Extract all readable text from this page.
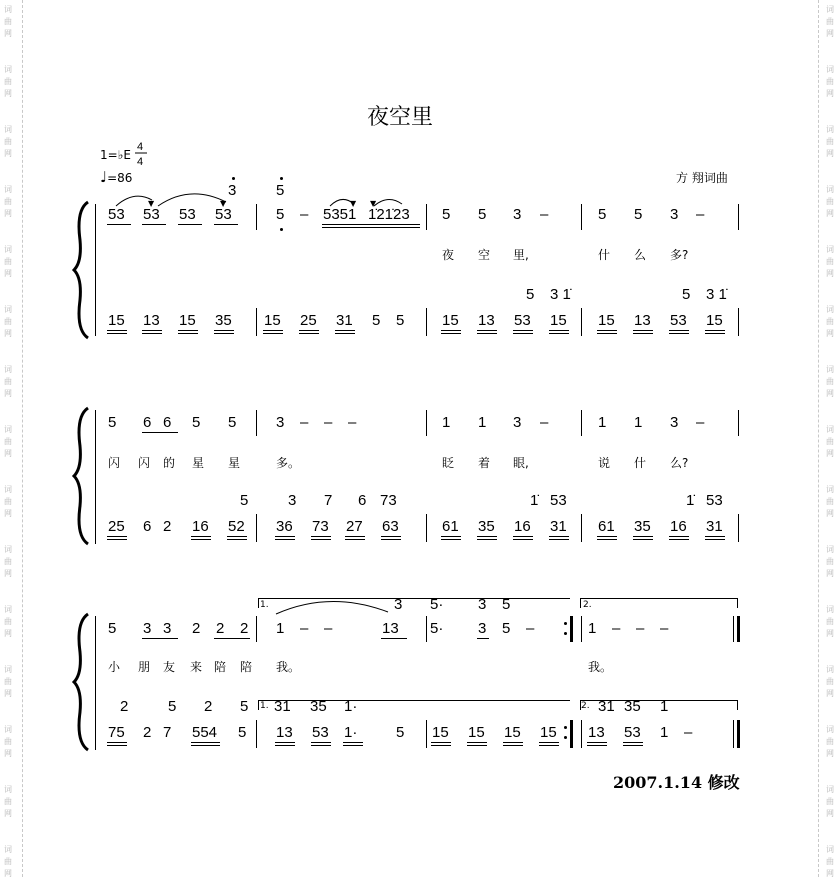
词
曲
网
词
曲
网
词
曲
网
词
曲
网
词
曲
网
词
曲
网
词
曲
网
词
曲
网
词
曲
网
词
曲
网
词
曲
网
词
曲
网
词
曲
网
词
曲
网
词
曲
网
词
曲
网
词
曲
网
词
曲
网
词
曲
网
词
曲
网
词
曲
网
词
曲
网
词
曲
网
词
曲
网
词
曲
网
词
曲
网
词
曲
网
词
曲
网
词
曲
网
词
曲
网
夜空里
1=♭E
4
4
♩=86	方 翔词曲
▼	▼	▼ ▼
53 53 53 53
3	5
5 – 5351 1̇21̇23 5 5 3 –	5 5 3 –
夜 空 里,	什 么 多?
5 3 1̇	5 3 1̇
15 13 15 35 15 25 31 5 5	15 13 53 15 15 13 53 15
5 6 6 5 5	3 – – –	1 1 3 –	1 1 3 –
闪 闪 的 星 星	多。	眨 着 眼,	说 什 么?
5	3 7 6 73	1̇ 53	1̇ 53
25 6 2 16 52 36 73 27 63	61 35 16 31 61 35 16 31
1.	2.
3 5· 3 5
5 3 3 2 2 2 1 – –	13 5· 3 5 –	1 – – –
小 朋 友 来 陪 陪 我。	我。
1.	2.
2	5 2 5 31 35 1·	31 35 1
75 2 7 554 5 13 53 1·	5 15 15 15 15 13 53 1 –
2007.1.14 修改
